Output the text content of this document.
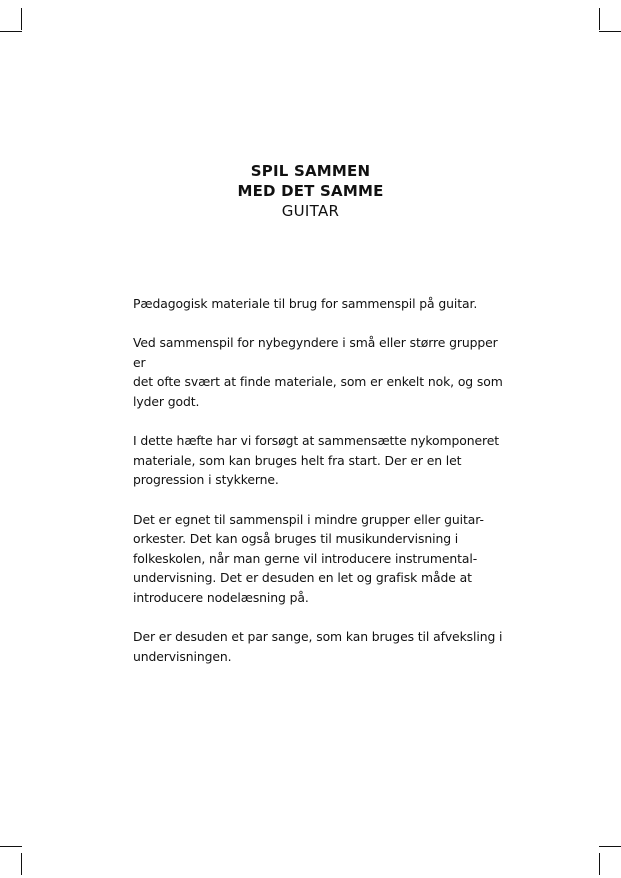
SPIL SAMMEN
MED DET SAMME
GUITAR

Pædagogisk materiale til brug for sammenspil på guitar.

Ved sammenspil for nybegyndere i små eller større grupper er
det ofte svært at finde materiale, som er enkelt nok, og som
lyder godt.

I dette hæfte har vi forsøgt at sammensætte nykomponeret
materiale, som kan bruges helt fra start. Der er en let
progression i stykkerne.

Det er egnet til sammenspil i mindre grupper eller guitar-
orkester. Det kan også bruges til musikundervisning i
folkeskolen, når man gerne vil introducere instrumental-
undervisning. Det er desuden en let og grafisk måde at
introducere nodelæsning på.

Der er desuden et par sange, som kan bruges til afveksling i
undervisningen.
